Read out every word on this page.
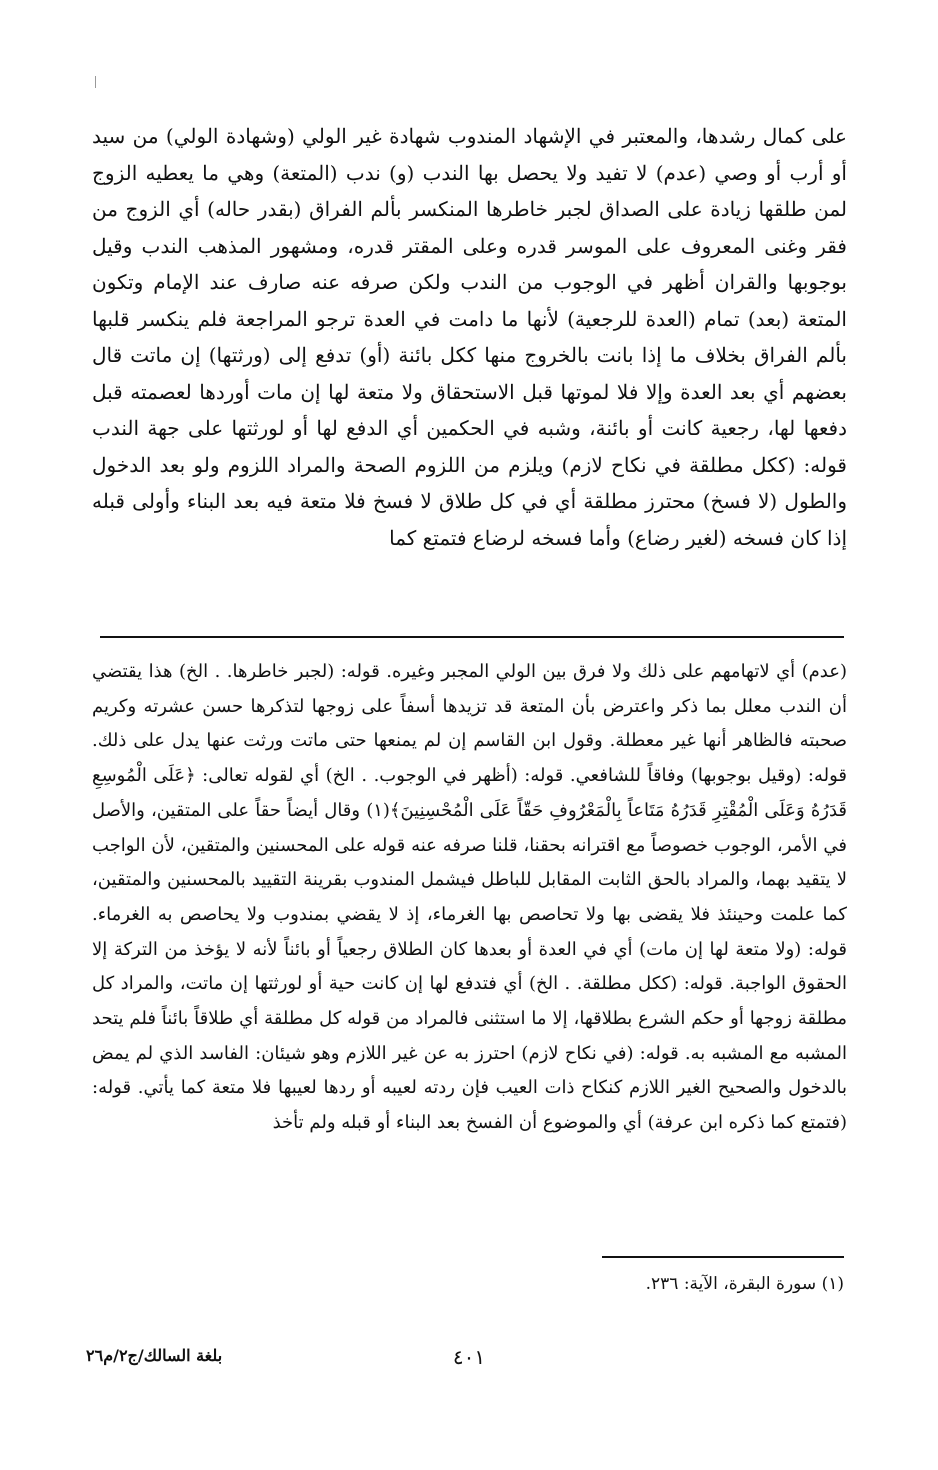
على كمال رشدها، والمعتبر في الإشهاد المندوب شهادة غير الولي (وشهادة الولي) من سيد أو أرب أو وصي (عدم) لا تفيد ولا يحصل بها الندب (و) ندب (المتعة) وهي ما يعطيه الزوج لمن طلقها زيادة على الصداق لجبر خاطرها المنكسر بألم الفراق (بقدر حاله) أي الزوج من فقر وغنى المعروف على الموسر قدره وعلى المقتر قدره، ومشهور المذهب الندب وقيل بوجوبها والقران أظهر في الوجوب من الندب ولكن صرفه عنه صارف عند الإمام وتكون المتعة (بعد) تمام (العدة للرجعية) لأنها ما دامت في العدة ترجو المراجعة فلم ينكسر قلبها بألم الفراق بخلاف ما إذا بانت بالخروج منها ككل بائنة (أو) تدفع إلى (ورثتها) إن ماتت قال بعضهم أي بعد العدة وإلا فلا لموتها قبل الاستحقاق ولا متعة لها إن مات أوردها لعصمته قبل دفعها لها، رجعية كانت أو بائنة، وشبه في الحكمين أي الدفع لها أو لورثتها على جهة الندب قوله: (ككل مطلقة في نكاح لازم) ويلزم من اللزوم الصحة والمراد اللزوم ولو بعد الدخول والطول (لا فسخ) محترز مطلقة أي في كل طلاق لا فسخ فلا متعة فيه بعد البناء وأولى قبله إذا كان فسخه (لغير رضاع) وأما فسخه لرضاع فتمتع كما

(عدم) أي لاتهامهم على ذلك ولا فرق بين الولي المجبر وغيره. قوله: (لجبر خاطرها. . الخ) هذا يقتضي أن الندب معلل بما ذكر واعترض بأن المتعة قد تزيدها أسفاً على زوجها لتذكرها حسن عشرته وكريم صحبته فالظاهر أنها غير معطلة. وقول ابن القاسم إن لم يمنعها حتى ماتت ورثت عنها يدل على ذلك. قوله: (وقيل بوجوبها) وفاقاً للشافعي. قوله: (أظهر في الوجوب. . الخ) أي لقوله تعالى: ﴿عَلَى الْمُوسِعِ قَدَرُهُ وَعَلَى الْمُقْتِرِ قَدَرُهُ مَتَاعاً بِالْمَعْرُوفِ حَقّاً عَلَى الْمُحْسِنِينَ﴾(١) وقال أيضاً حقاً على المتقين، والأصل في الأمر، الوجوب خصوصاً مع اقترانه بحقنا، قلنا صرفه عنه قوله على المحسنين والمتقين، لأن الواجب لا يتقيد بهما، والمراد بالحق الثابت المقابل للباطل فيشمل المندوب بقرينة التقييد بالمحسنين والمتقين، كما علمت وحينئذ فلا يقضى بها ولا تحاصص بها الغرماء، إذ لا يقضي بمندوب ولا يحاصص به الغرماء. قوله: (ولا متعة لها إن مات) أي في العدة أو بعدها كان الطلاق رجعياً أو بائناً لأنه لا يؤخذ من التركة إلا الحقوق الواجبة. قوله: (ككل مطلقة. . الخ) أي فتدفع لها إن كانت حية أو لورثتها إن ماتت، والمراد كل مطلقة زوجها أو حكم الشرع بطلاقها، إلا ما استثنى فالمراد من قوله كل مطلقة أي طلاقاً بائناً فلم يتحد المشبه مع المشبه به. قوله: (في نكاح لازم) احترز به عن غير اللازم وهو شيئان: الفاسد الذي لم يمض بالدخول والصحيح الغير اللازم كنكاح ذات العيب فإن ردته لعيبه أو ردها لعيبها فلا متعة كما يأتي. قوله: (فتمتع كما ذكره ابن عرفة) أي والموضوع أن الفسخ بعد البناء أو قبله ولم تأخذ

(١) سورة البقرة، الآية: ٢٣٦.

٤٠١
بلغة السالك/ج٢/م٢٦
